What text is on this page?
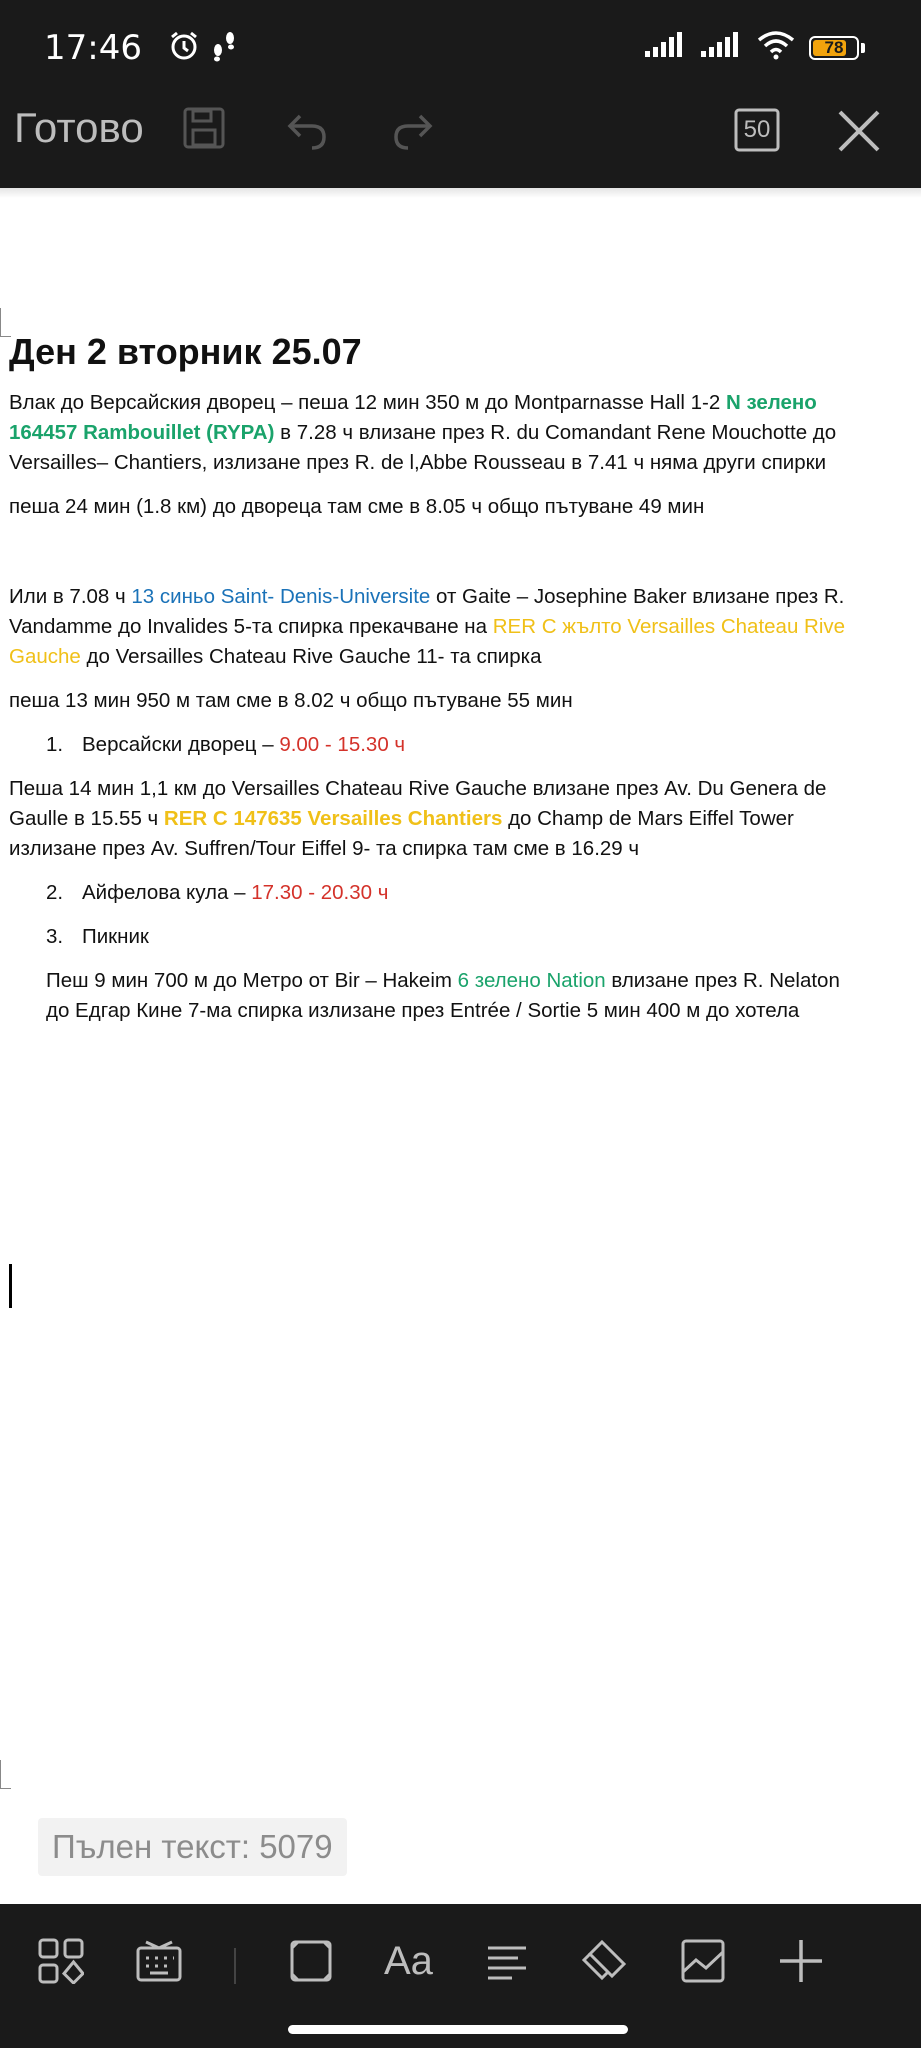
17:46	78
Готово	50

Ден 2 вторник 25.07

Влак до Версайския дворец – пеша 12 мин 350 м до Montparnasse Hall 1-2 N зелено

164457 Rambouillet (RYPA) в 7.28 ч влизане през R. du Comandant Rene Mouchotte до

Versailles– Chantiers, излизане през R. de l,Abbe Rousseau в 7.41 ч няма други спирки

пеша 24 мин (1.8 км) до двореца там сме в 8.05 ч общо пътуване 49 мин

Или в 7.08 ч 13 синьо Saint- Denis-Universite от Gaite – Josephine Baker влизане през R.

Vandamme до Invalides 5-та спирка прекачване на RER C жълто Versailles Chateau Rive

Gauche до Versailles Chateau Rive Gauche 11- та спирка

пеша 13 мин 950 м там сме в 8.02 ч общо пътуване 55 мин

1. Версайски дворец – 9.00 - 15.30 ч

Пеша 14 мин 1,1 км до Versailles Chateau Rive Gauche влизане през Av. Du Genera de

Gaulle в 15.55 ч RER C 147635 Versailles Chantiers до Champ de Mars Eiffel Tower

излизане през Av. Suffren/Tour Eiffel 9- та спирка там сме в 16.29 ч

2. Айфелова кула – 17.30 - 20.30 ч

3. Пикник

Пеш 9 мин 700 м до Метро от Bir – Hakeim 6 зелено Nation влизане през R. Nelaton

до Едгар Кине 7-ма спирка излизане през Entrée / Sortie 5 мин 400 м до хотела

Пълен текст: 5079
Aa
